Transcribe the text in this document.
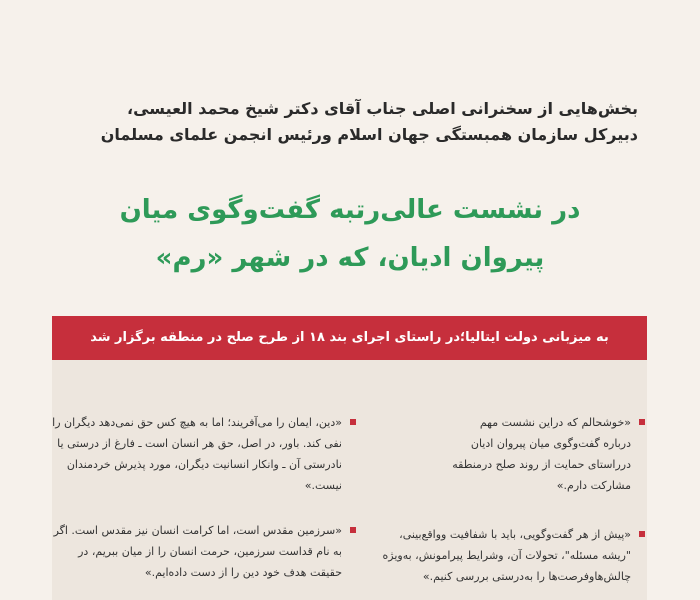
بخش‌هایی از سخنرانی اصلی جناب آقای دکتر شیخ محمد العیسی،
دبیرکل سازمان همبستگی جهان اسلام ورئیس انجمن علمای مسلمان
در نشست عالی‌رتبه گفت‌وگوی میان
پیروان ادیان، که در شهر «رم»
به میزبانی دولت ایتالیا؛در راستای اجرای بند ۱۸ از طرح صلح در منطقه برگزار شد
«خوشحالم که دراین نشست مهم
درباره گفت‌وگوی میان پیروان ادیان
درراستای حمایت از روند صلح درمنطقه
مشارکت دارم.»
«دین، ایمان را می‌آفریند؛ اما به هیچ کس حق نمی‌دهد دیگران را
نفی کند. باور، در اصل، حق هر انسان است ـ فارغ از درستی یا
نادرستی آن ـ وانکار انسانیت دیگران، مورد پذیرش خردمندان
نیست.»
«پیش از هر گفت‌وگویی، باید با شفافیت وواقع‌بینی،
"ریشه مسئله"، تحولات آن، وشرایط پیرامونش، به‌ویژه
چالش‌هاوفرصت‌ها را به‌درستی بررسی کنیم.»
«سرزمین مقدس است، اما کرامت انسان نیز مقدس است. اگر
به نام قداست سرزمین، حرمت انسان را از میان ببریم، در
حقیقت هدف خود دین را از دست داده‌ایم.»
